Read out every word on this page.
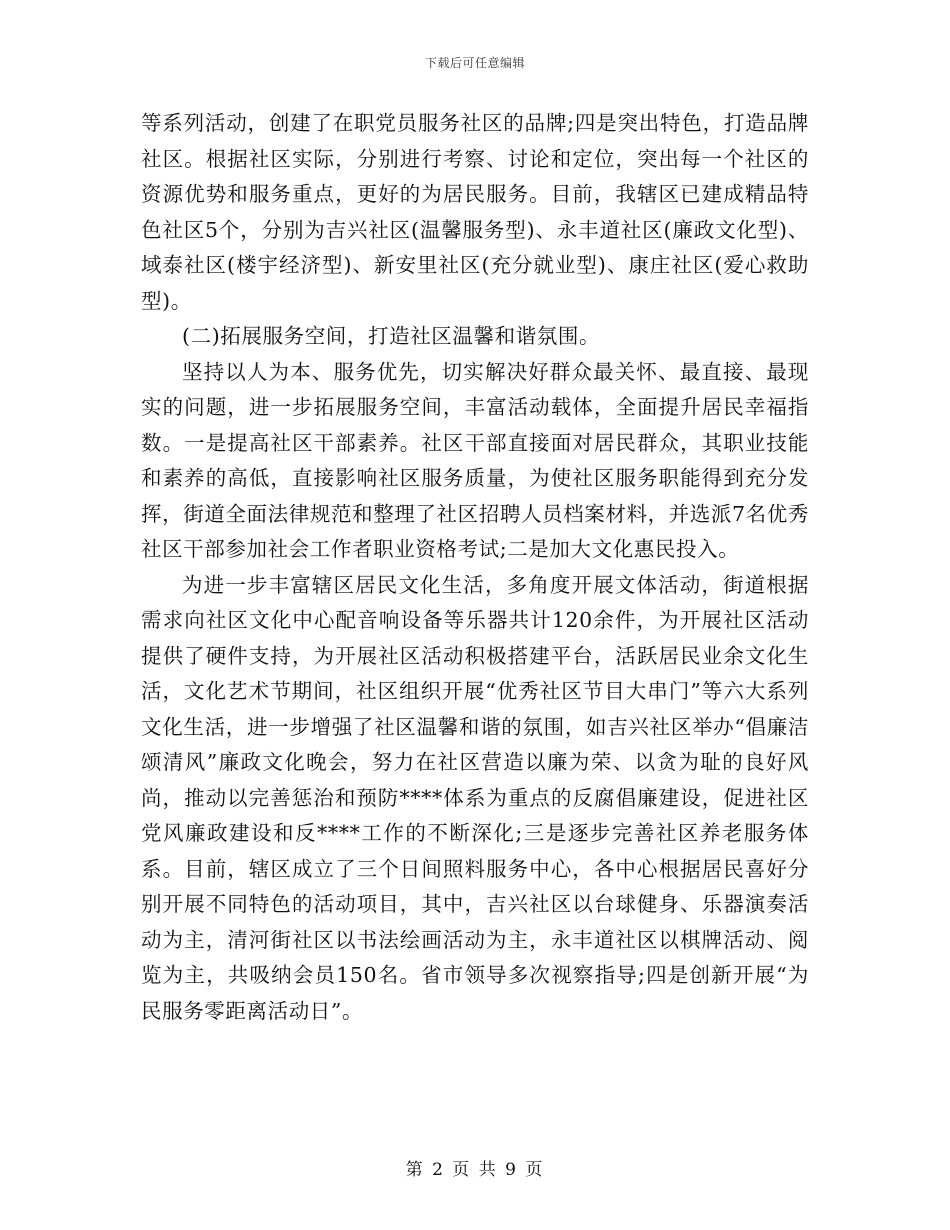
下载后可任意编辑

等系列活动，创建了在职党员服务社区的品牌;四是突出特色，打造品牌社区。根据社区实际，分别进行考察、讨论和定位，突出每一个社区的资源优势和服务重点，更好的为居民服务。目前，我辖区已建成精品特色社区5个，分别为吉兴社区(温馨服务型)、永丰道社区(廉政文化型)、域泰社区(楼宇经济型)、新安里社区(充分就业型)、康庄社区(爱心救助型)。

(二)拓展服务空间，打造社区温馨和谐氛围。

坚持以人为本、服务优先，切实解决好群众最关怀、最直接、最现实的问题，进一步拓展服务空间，丰富活动载体，全面提升居民幸福指数。一是提高社区干部素养。社区干部直接面对居民群众，其职业技能和素养的高低，直接影响社区服务质量，为使社区服务职能得到充分发挥，街道全面法律规范和整理了社区招聘人员档案材料，并选派7名优秀社区干部参加社会工作者职业资格考试;二是加大文化惠民投入。

为进一步丰富辖区居民文化生活，多角度开展文体活动，街道根据需求向社区文化中心配音响设备等乐器共计120余件，为开展社区活动提供了硬件支持，为开展社区活动积极搭建平台，活跃居民业余文化生活，文化艺术节期间，社区组织开展“优秀社区节目大串门”等六大系列文化生活，进一步增强了社区温馨和谐的氛围，如吉兴社区举办“倡廉洁颂清风”廉政文化晚会，努力在社区营造以廉为荣、以贪为耻的良好风尚，推动以完善惩治和预防****体系为重点的反腐倡廉建设，促进社区党风廉政建设和反****工作的不断深化;三是逐步完善社区养老服务体系。目前，辖区成立了三个日间照料服务中心，各中心根据居民喜好分别开展不同特色的活动项目，其中，吉兴社区以台球健身、乐器演奏活动为主，清河街社区以书法绘画活动为主，永丰道社区以棋牌活动、阅览为主，共吸纳会员150名。省市领导多次视察指导;四是创新开展“为民服务零距离活动日”。

第 2 页 共 9 页
